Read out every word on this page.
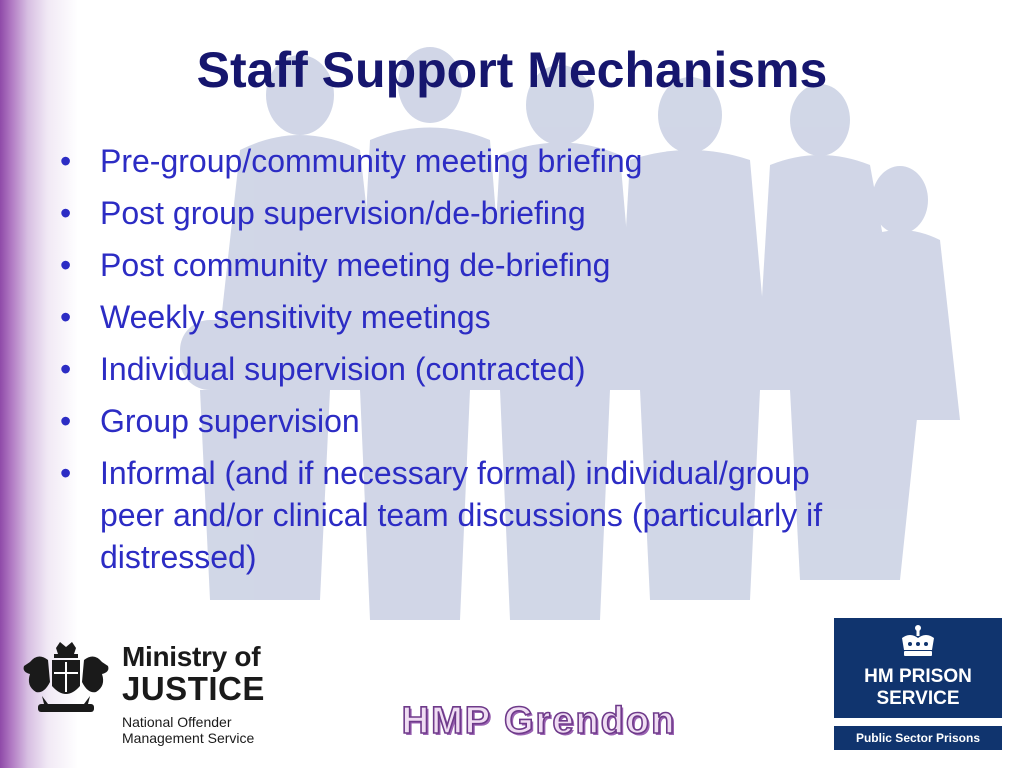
Staff Support Mechanisms
• Pre-group/community meeting briefing
• Post group supervision/de-briefing
• Post community meeting de-briefing
• Weekly sensitivity meetings
• Individual supervision (contracted)
• Group supervision
• Informal (and if necessary formal) individual/group peer and/or clinical team discussions (particularly if distressed)
Ministry of
JUSTICE
National Offender
Management Service	HMP Grendon
HM PRISON
SERVICE
Public Sector Prisons
